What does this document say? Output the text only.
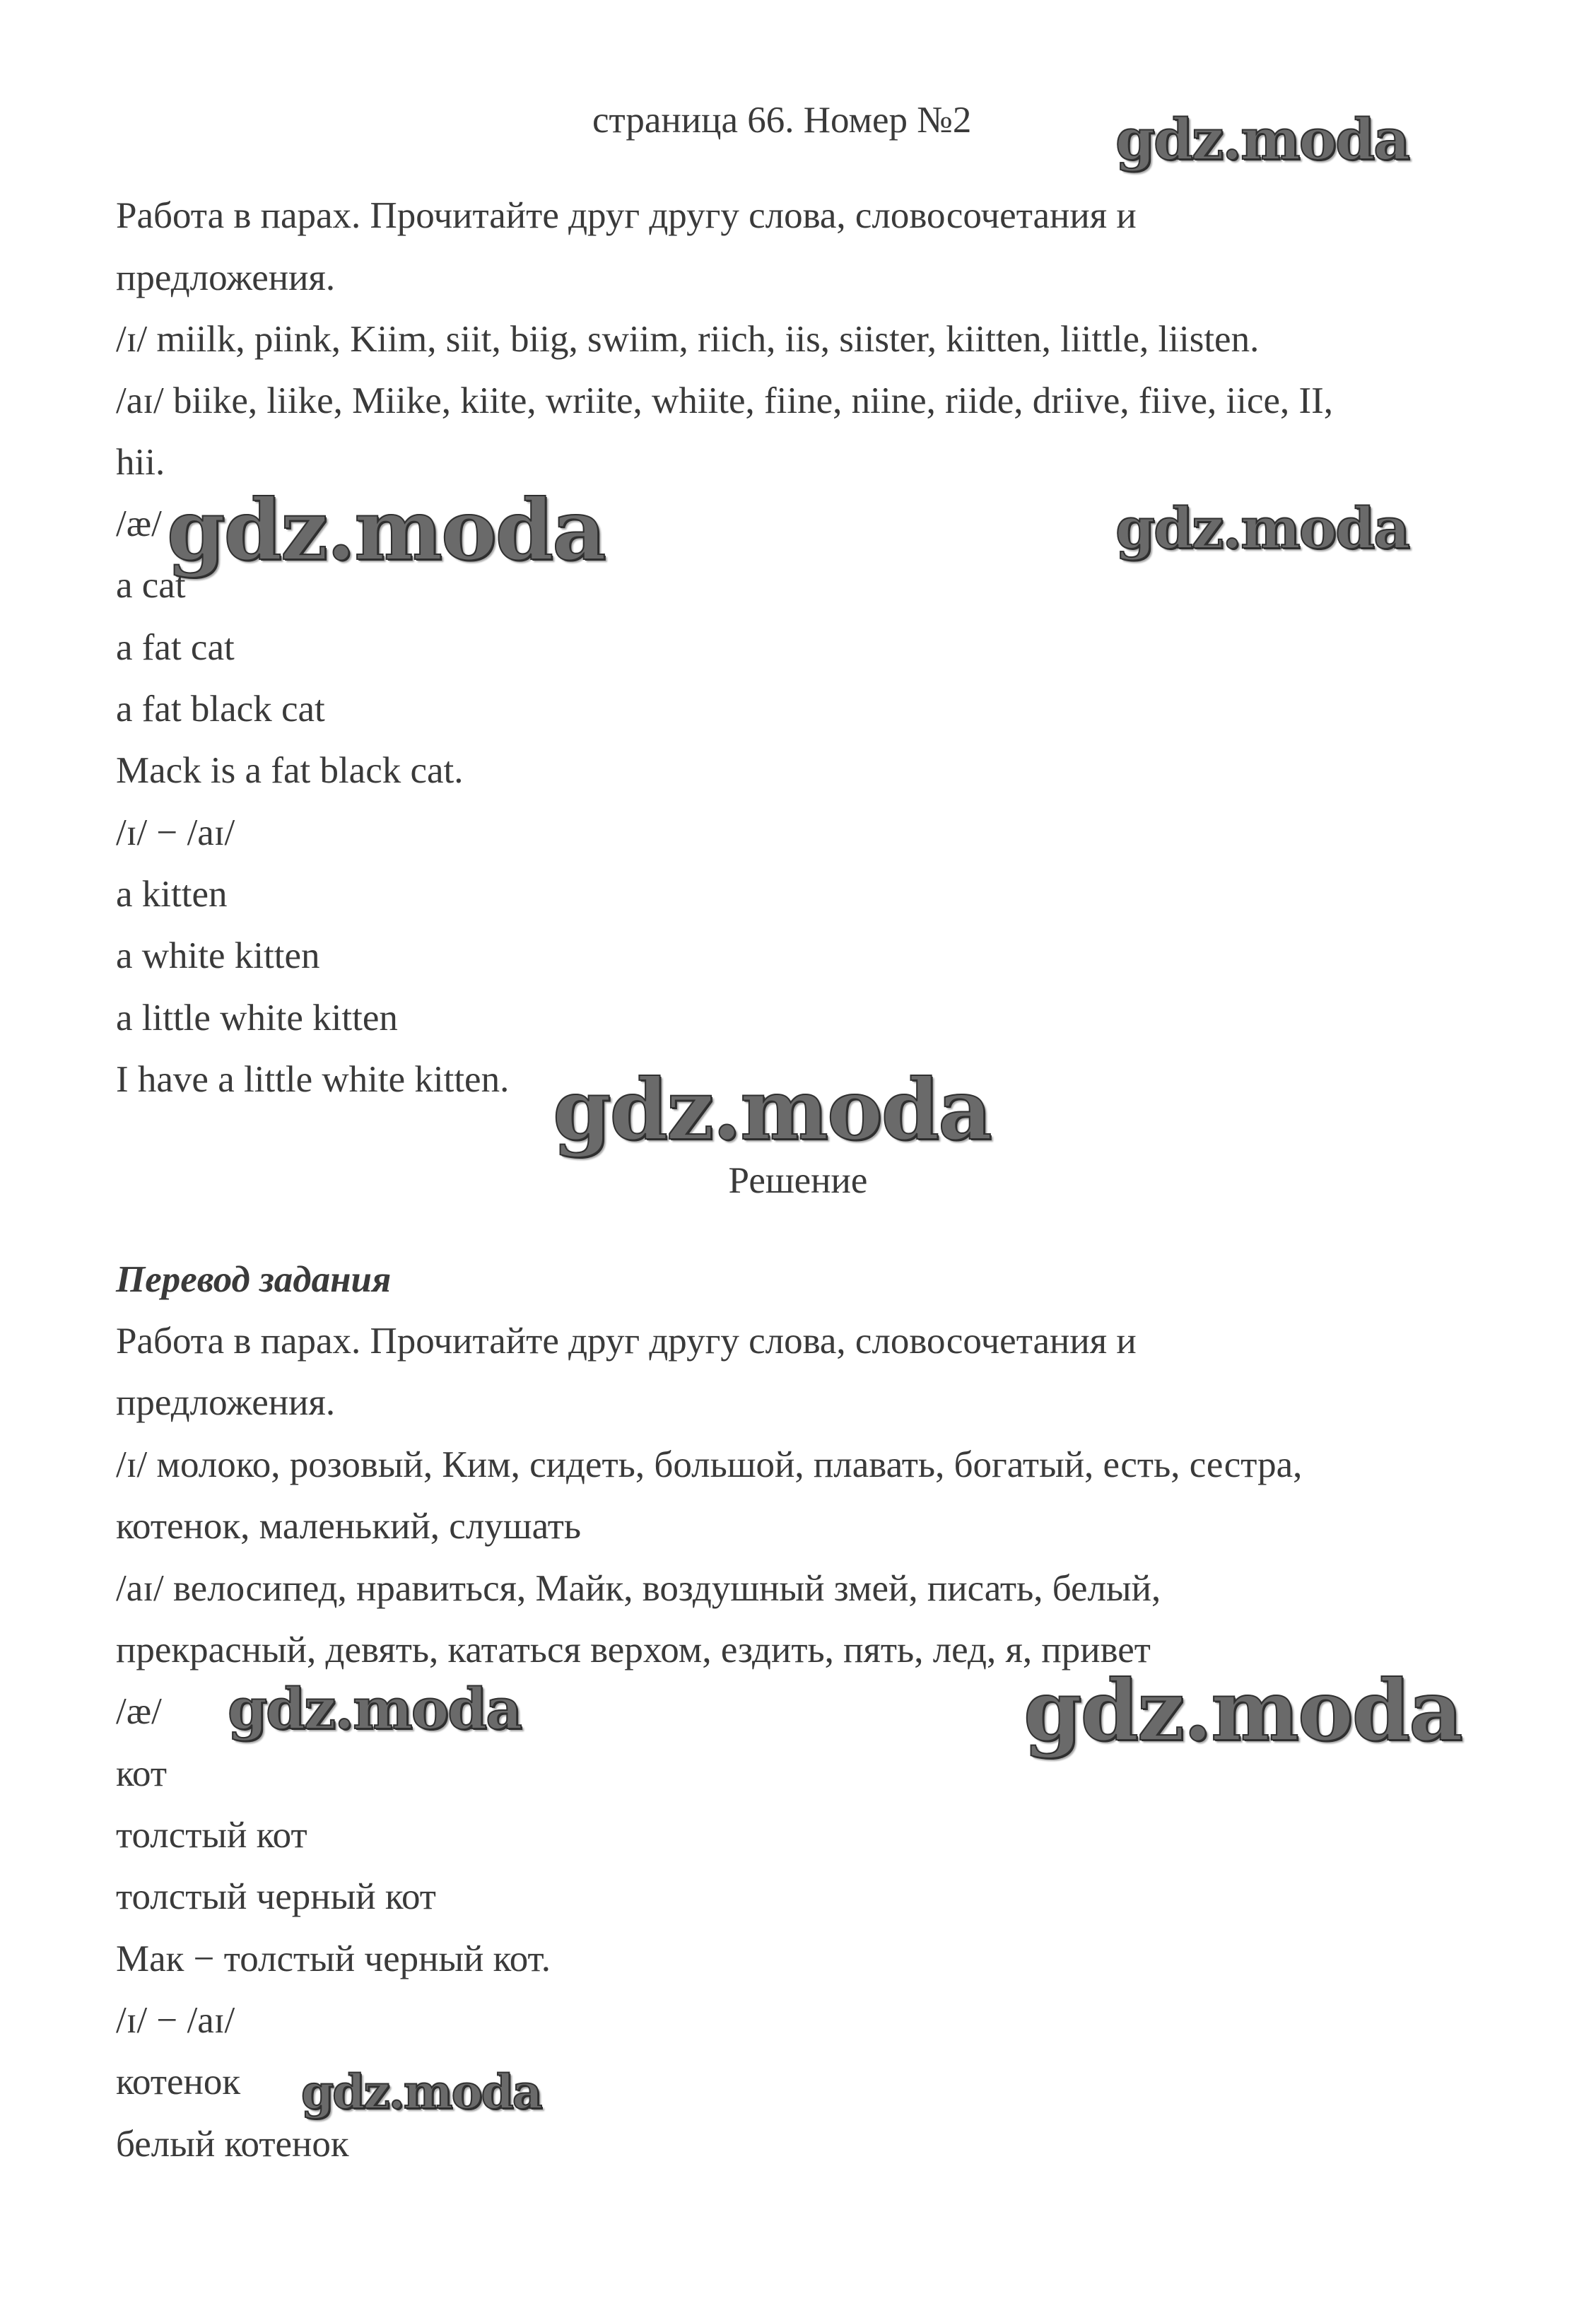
страница 66. Номер №2
Работа в парах. Прочитайте друг другу слова, словосочетания и
предложения.
/ɪ/ miilk, piink, Kiim, siit, biig, swiim, riich, iis, siister, kiitten, liittle, liisten.
/aɪ/ biike, liike, Miike, kiite, wriite, whiite, fiine, niine, riide, driive, fiive, iice, II,
hii.
/æ/
a cat
a fat cat
a fat black cat
Mack is a fat black cat.
/ɪ/ − /aɪ/
a kitten
a white kitten
a little white kitten
I have a little white kitten.
Решение
Перевод задания
Работа в парах. Прочитайте друг другу слова, словосочетания и
предложения.
/ɪ/ молоко, розовый, Ким, сидеть, большой, плавать, богатый, есть, сестра,
котенок, маленький, слушать
/aɪ/ велосипед, нравиться, Майк, воздушный змей, писать, белый,
прекрасный, девять, кататься верхом, ездить, пять, лед, я, привет
/æ/
кот
толстый кот
толстый черный кот
Мак − толстый черный кот.
/ɪ/ − /aɪ/
котенок
белый котенок
gdz.moda
gdz.moda	gdz.moda
gdz.moda
gdz.moda	gdz.moda
gdz.moda
